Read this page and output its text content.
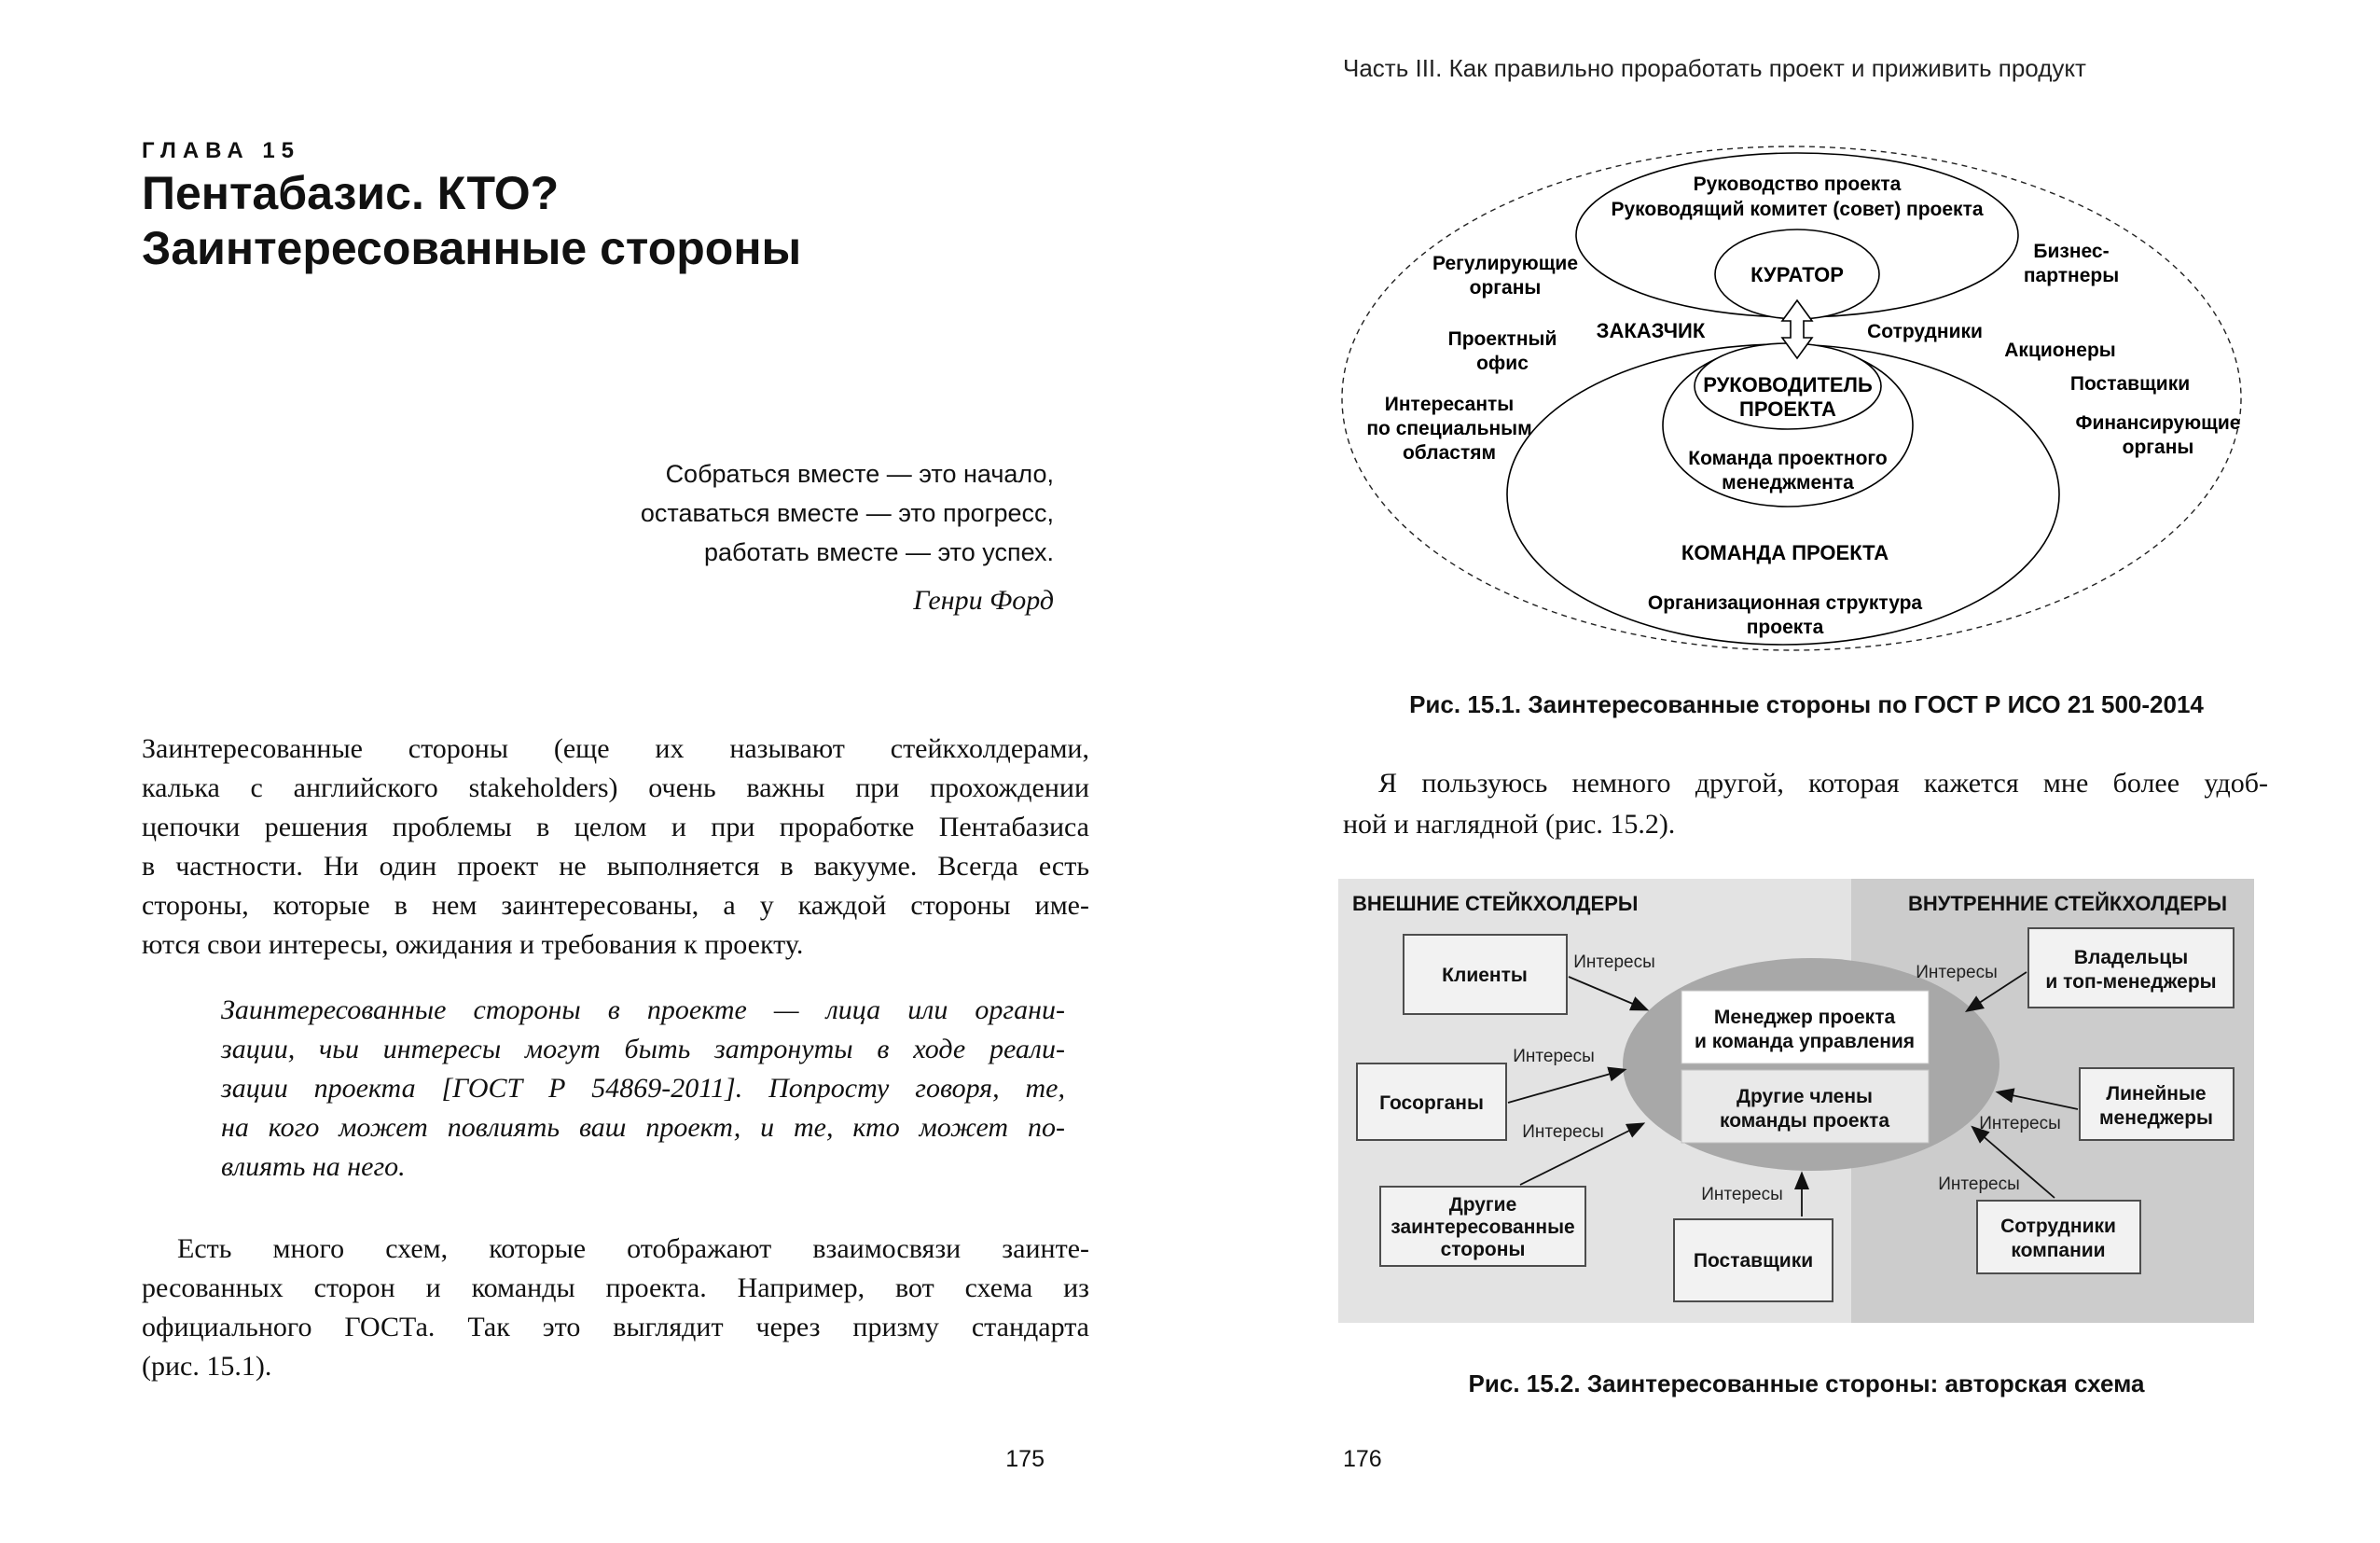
ГЛАВА 15
Пентабазис. КТО?
Заинтересованные стороны
Собраться вместе — это начало,
оставаться вместе — это прогресс,
работать вместе — это успех.
Генри Форд
Заинтересованные стороны (еще их называют стейкхолдерами,
калька с английского stakeholders) очень важны при прохождении
цепочки решения проблемы в целом и при проработке Пентабазиса
в частности. Ни один проект не выполняется в вакууме. Всегда есть
стороны, которые в нем заинтересованы, а у каждой стороны име-
ются свои интересы, ожидания и требования к проекту.
Заинтересованные стороны в проекте — лица или органи-
зации, чьи интересы могут быть затронуты в ходе реали-
зации проекта [ГОСТ Р 54869-2011]. Попросту говоря, те,
на кого может повлиять ваш проект, и те, кто может по-
влиять на него.
Есть много схем, которые отображают взаимосвязи заинте-
ресованных сторон и команды проекта. Например, вот схема из
официального ГОСТа. Так это выглядит через призму стандарта
(рис. 15.1).
175
Часть III. Как правильно проработать проект и приживить продукт
Руководство проекта
Руководящий комитет (совет) проекта
КУРАТОР
ЗАКАЗЧИК	Сотрудники
Регулирующие
органы
Проектный
офис
Интересанты
по специальным
областям
Бизнес-
партнеры
Акционеры
Поставщики
Финансирующие
органы
РУКОВОДИТЕЛЬ
ПРОЕКТА
Команда проектного
менеджмента
КОМАНДА ПРОЕКТА
Организационная структура
проекта
Рис. 15.1. Заинтересованные стороны по ГОСТ Р ИСО 21 500-2014
Я пользуюсь немного другой, которая кажется мне более удоб-
ной и наглядной (рис. 15.2).
ВНЕШНИЕ СТЕЙКХОЛДЕРЫ	ВНУТРЕННИЕ СТЕЙКХОЛДЕРЫ
Менеджер проекта
и команда управления
Другие члены
команды проекта
Клиенты
Госорганы
Другие
заинтересованные
стороны
Поставщики
Владельцы
и топ-менеджеры
Линейные
менеджеры
Сотрудники
компании
Интересы
Интересы
Интересы
Интересы
Интересы
Интересы
Интересы
Рис. 15.2. Заинтересованные стороны: авторская схема
176
